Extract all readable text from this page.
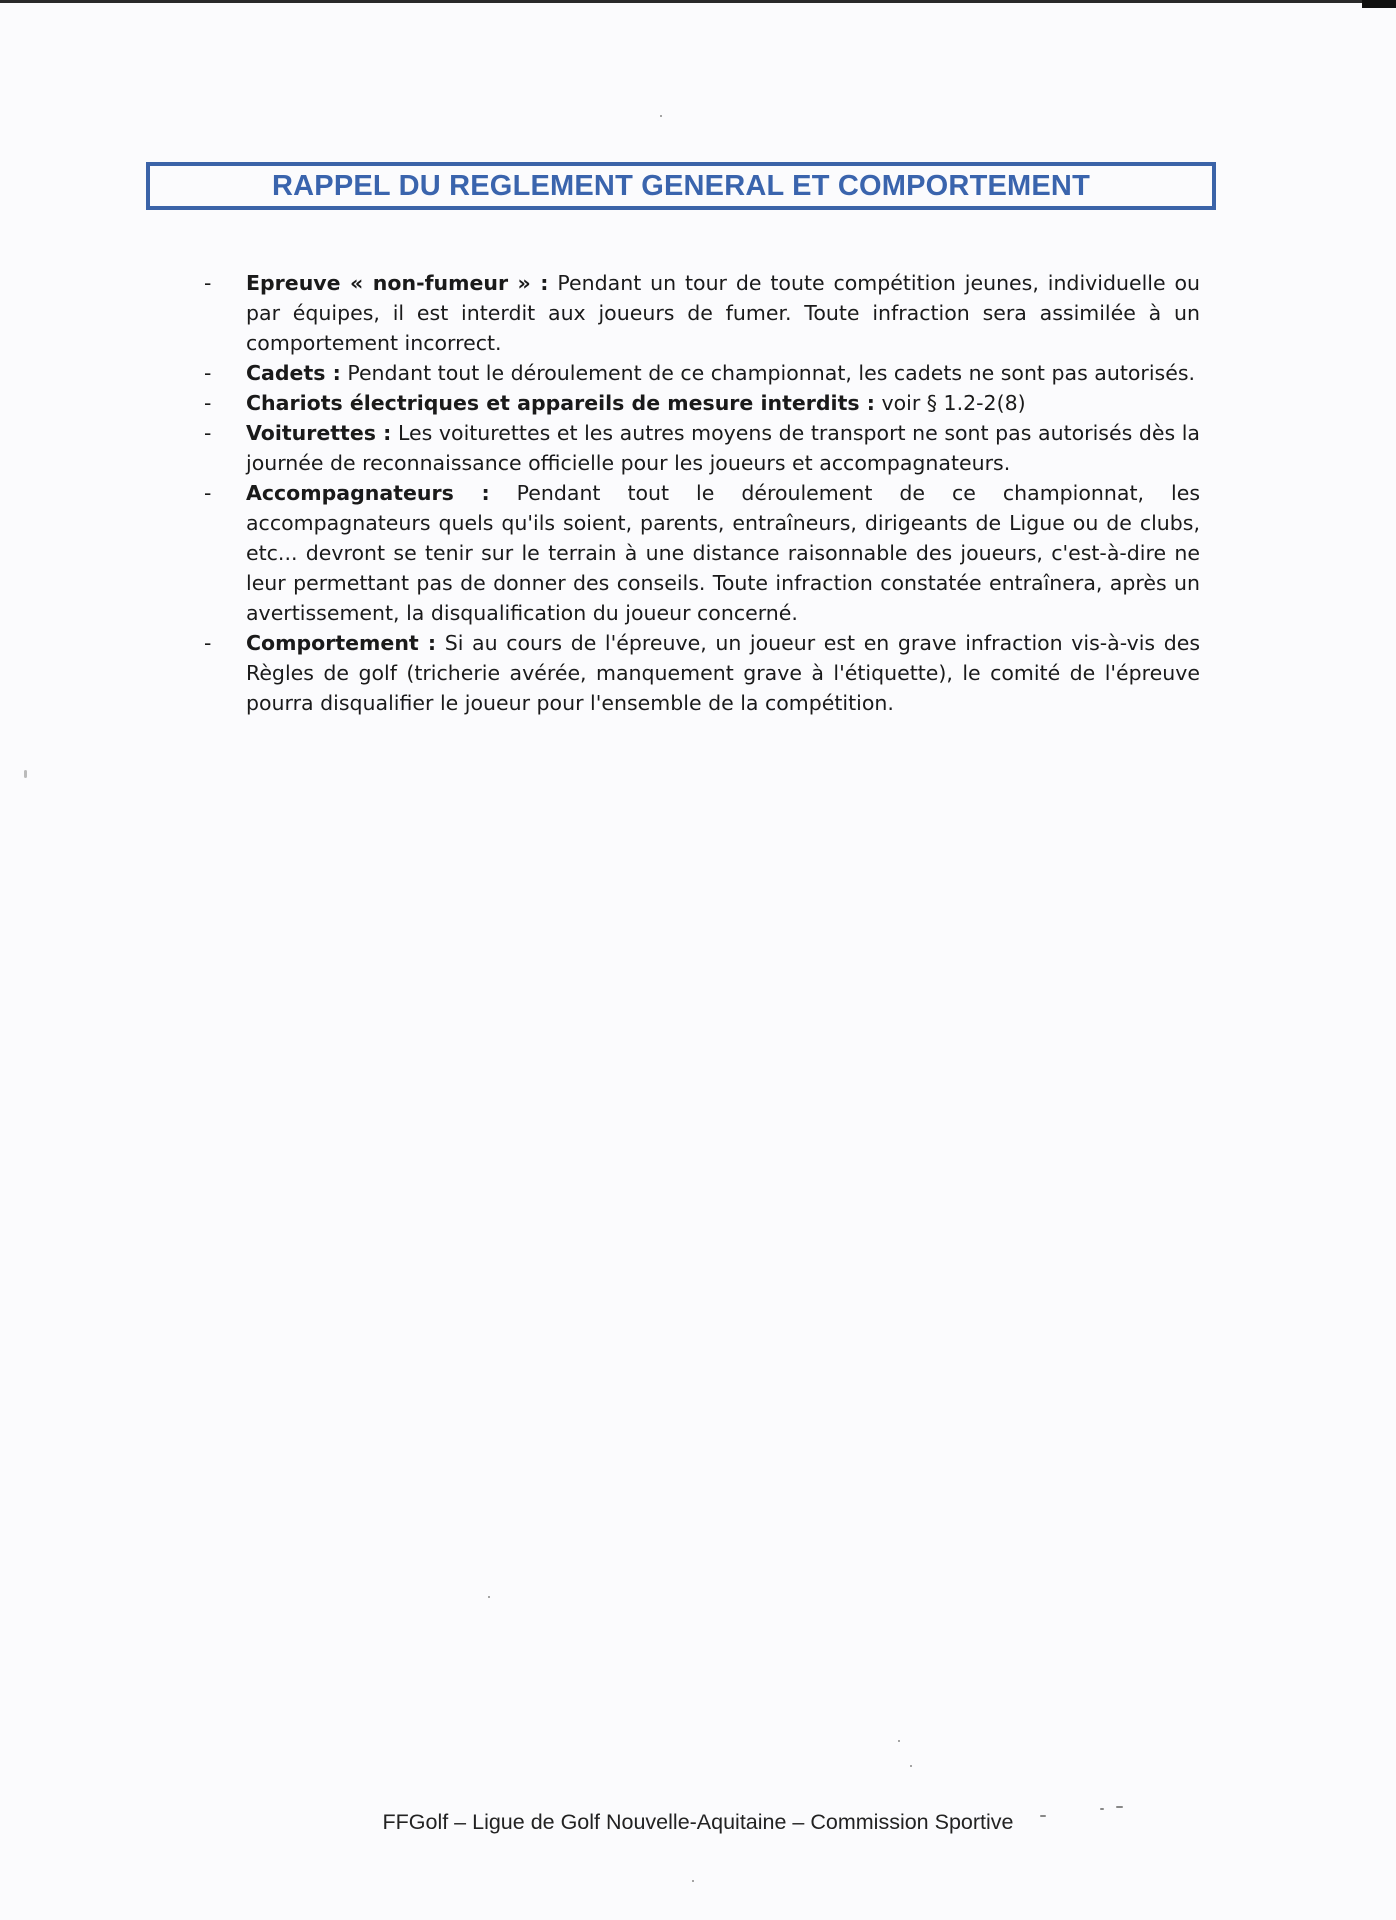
RAPPEL DU REGLEMENT GENERAL ET COMPORTEMENT
-	Epreuve « non-fumeur » : Pendant un tour de toute compétition jeunes, individuelle ou par équipes, il est interdit aux joueurs de fumer. Toute infraction sera assimilée à un comportement incorrect.
-	Cadets : Pendant tout le déroulement de ce championnat, les cadets ne sont pas autorisés.
-	Chariots électriques et appareils de mesure interdits : voir § 1.2-2(8)
-	Voiturettes : Les voiturettes et les autres moyens de transport ne sont pas autorisés dès la journée de reconnaissance officielle pour les joueurs et accompagnateurs.
-	Accompagnateurs : Pendant tout le déroulement de ce championnat, les accompagnateurs quels qu'ils soient, parents, entraîneurs, dirigeants de Ligue ou de clubs, etc... devront se tenir sur le terrain à une distance raisonnable des joueurs, c'est-à-dire ne leur permettant pas de donner des conseils. Toute infraction constatée entraînera, après un avertissement, la disqualification du joueur concerné.
-	Comportement : Si au cours de l'épreuve, un joueur est en grave infraction vis-à-vis des Règles de golf (tricherie avérée, manquement grave à l'étiquette), le comité de l'épreuve pourra disqualifier le joueur pour l'ensemble de la compétition.
FFGolf – Ligue de Golf Nouvelle-Aquitaine – Commission Sportive
